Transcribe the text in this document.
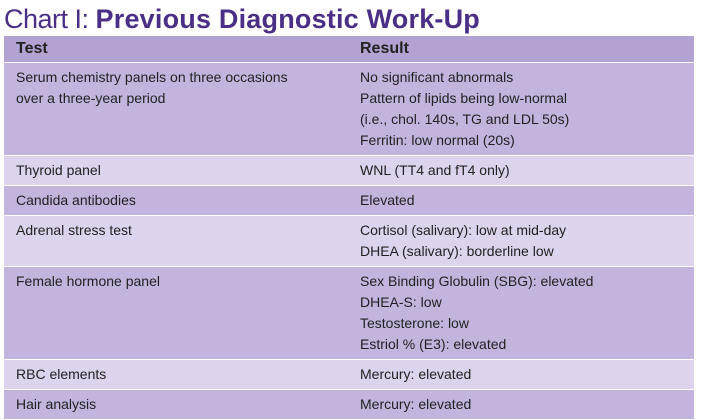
Chart I: Previous Diagnostic Work-Up
Test	Result

Serum chemistry panels on three occasions
over a three-year period	No significant abnormals
Pattern of lipids being low-normal
(i.e., chol. 140s, TG and LDL 50s)
Ferritin: low normal (20s)

Thyroid panel	WNL (TT4 and fT4 only)

Candida antibodies	Elevated

Adrenal stress test	Cortisol (salivary): low at mid-day
DHEA (salivary): borderline low

Female hormone panel	Sex Binding Globulin (SBG): elevated
DHEA-S: low
Testosterone: low
Estriol % (E3): elevated

RBC elements	Mercury: elevated

Hair analysis	Mercury: elevated
